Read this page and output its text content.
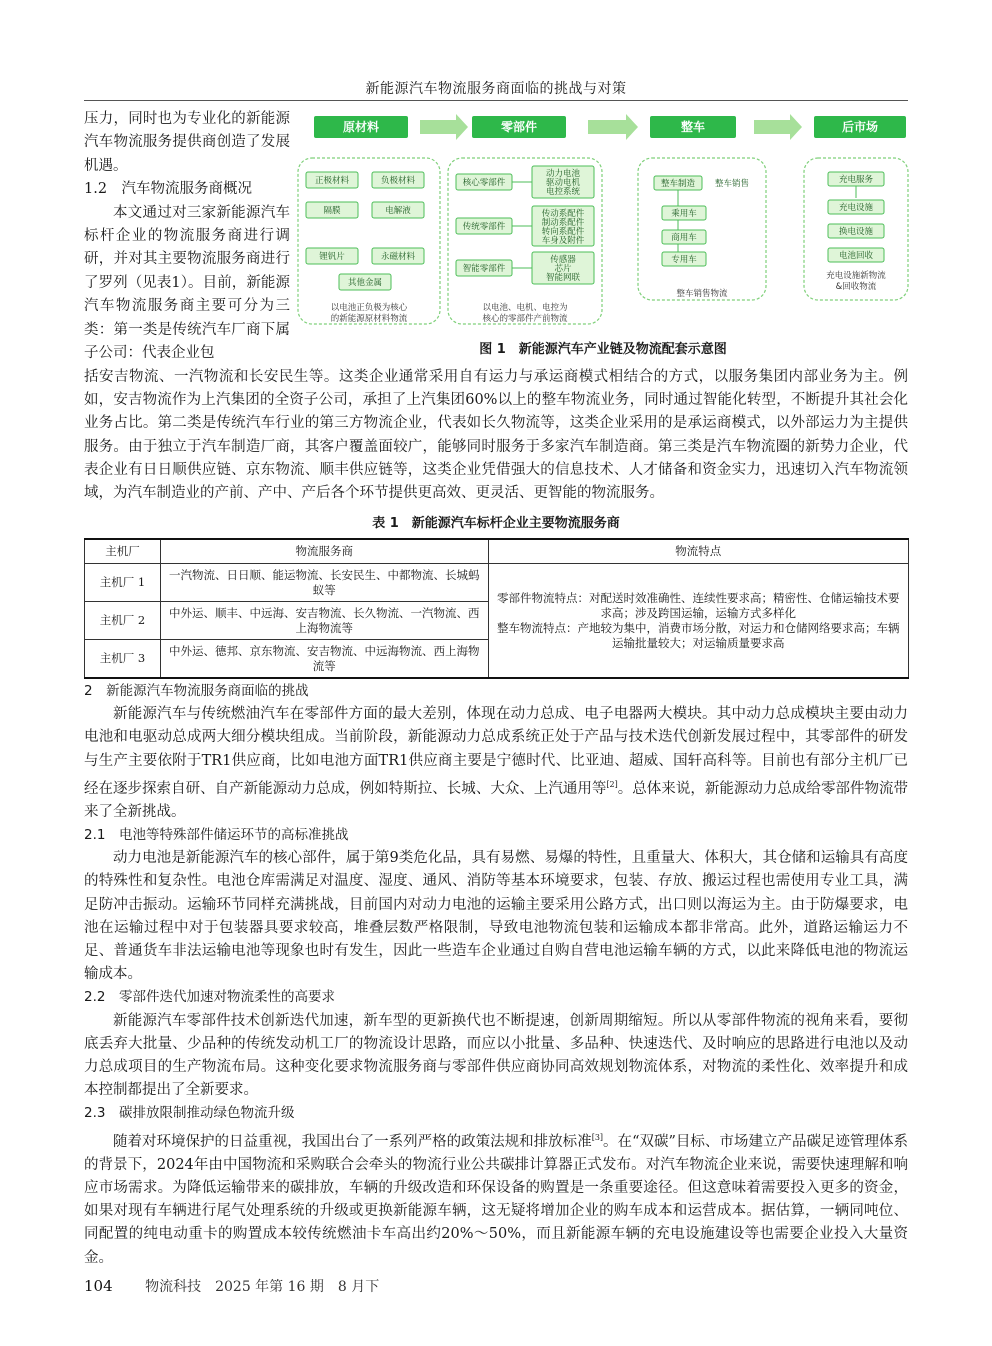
新能源汽车物流服务商面临的挑战与对策

压力，同时也为专业化的新能源汽车物流服务提供商创造了发展机遇。

1.2　汽车物流服务商概况

本文通过对三家新能源汽车标杆企业的物流服务商进行调研，并对其主要物流服务商进行了罗列（见表1）。目前，新能源汽车物流服务商主要可分为三类：第一类是传统汽车厂商下属子公司：代表企业包

原材料	零部件	整车	后市场
正极材料	负极材料
隔膜	电解液
锂钒片	永磁材料
其他金属
以电池正负极为核心
的新能源原材料物流
核心零部件
动力电池
驱动电机
电控系统
传统零部件
传动系配件
制动系配件
转向系配件
车身及附件
智能零部件
传感器
芯片
智能网联
以电池、电机、电控为
核心的零部件产前物流
整车制造 整车销售
乘用车
商用车
专用车
整车销售物流
充电服务
充电设施
换电设施
电池回收
充电设施新物流
&回收物流
图 1　新能源汽车产业链及物流配套示意图

括安吉物流、一汽物流和长安民生等。这类企业通常采用自有运力与承运商模式相结合的方式，以服务集团内部业务为主。例如，安吉物流作为上汽集团的全资子公司，承担了上汽集团60%以上的整车物流业务，同时通过智能化转型，不断提升其社会化业务占比。第二类是传统汽车行业的第三方物流企业，代表如长久物流等，这类企业采用的是承运商模式，以外部运力为主提供服务。由于独立于汽车制造厂商，其客户覆盖面较广，能够同时服务于多家汽车制造商。第三类是汽车物流圈的新势力企业，代表企业有日日顺供应链、京东物流、顺丰供应链等，这类企业凭借强大的信息技术、人才储备和资金实力，迅速切入汽车物流领域，为汽车制造业的产前、产中、产后各个环节提供更高效、更灵活、更智能的物流服务。

表 1　新能源汽车标杆企业主要物流服务商
主机厂	物流服务商	物流特点
主机厂 1	一汽物流、日日顺、能运物流、长安民生、中都物流、长城蚂蚁等	零部件物流特点：对配送时效准确性、连续性要求高；精密性、仓储运输技术要求高；涉及跨国运输，运输方式多样化
整车物流特点：产地较为集中，消费市场分散，对运力和仓储网络要求高；车辆运输批量较大；对运输质量要求高
主机厂 2	中外运、顺丰、中远海、安吉物流、长久物流、一汽物流、西上海物流等	
主机厂 3	中外运、德邦、京东物流、安吉物流、中远海物流、西上海物流等	

2　新能源汽车物流服务商面临的挑战

新能源汽车与传统燃油汽车在零部件方面的最大差别，体现在动力总成、电子电器两大模块。其中动力总成模块主要由动力电池和电驱动总成两大细分模块组成。当前阶段，新能源动力总成系统正处于产品与技术迭代创新发展过程中，其零部件的研发与生产主要依附于TR1供应商，比如电池方面TR1供应商主要是宁德时代、比亚迪、超威、国轩高科等。目前也有部分主机厂已经在逐步探索自研、自产新能源动力总成，例如特斯拉、长城、大众、上汽通用等[2]。总体来说，新能源动力总成给零部件物流带来了全新挑战。

2.1　电池等特殊部件储运环节的高标准挑战

动力电池是新能源汽车的核心部件，属于第9类危化品，具有易燃、易爆的特性，且重量大、体积大，其仓储和运输具有高度的特殊性和复杂性。电池仓库需满足对温度、湿度、通风、消防等基本环境要求，包装、存放、搬运过程也需使用专业工具，满足防冲击振动。运输环节同样充满挑战，目前国内对动力电池的运输主要采用公路方式，出口则以海运为主。由于防爆要求，电池在运输过程中对于包装器具要求较高，堆叠层数严格限制，导致电池物流包装和运输成本都非常高。此外，道路运输运力不足、普通货车非法运输电池等现象也时有发生，因此一些造车企业通过自购自营电池运输车辆的方式，以此来降低电池的物流运输成本。

2.2　零部件迭代加速对物流柔性的高要求

新能源汽车零部件技术创新迭代加速，新车型的更新换代也不断提速，创新周期缩短。所以从零部件物流的视角来看，要彻底丢弃大批量、少品种的传统发动机工厂的物流设计思路，而应以小批量、多品种、快速迭代、及时响应的思路进行电池以及动力总成项目的生产物流布局。这种变化要求物流服务商与零部件供应商协同高效规划物流体系，对物流的柔性化、效率提升和成本控制都提出了全新要求。

2.3　碳排放限制推动绿色物流升级

随着对环境保护的日益重视，我国出台了一系列严格的政策法规和排放标准[3]。在“双碳”目标、市场建立产品碳足迹管理体系的背景下，2024年由中国物流和采购联合会牵头的物流行业公共碳排计算器正式发布。对汽车物流企业来说，需要快速理解和响应市场需求。为降低运输带来的碳排放，车辆的升级改造和环保设备的购置是一条重要途径。但这意味着需要投入更多的资金，如果对现有车辆进行尾气处理系统的升级或更换新能源车辆，这无疑将增加企业的购车成本和运营成本。据估算，一辆同吨位、同配置的纯电动重卡的购置成本较传统燃油卡车高出约20%～50%，而且新能源车辆的充电设施建设等也需要企业投入大量资金。

104 物流科技　2025 年第 16 期　8 月下
